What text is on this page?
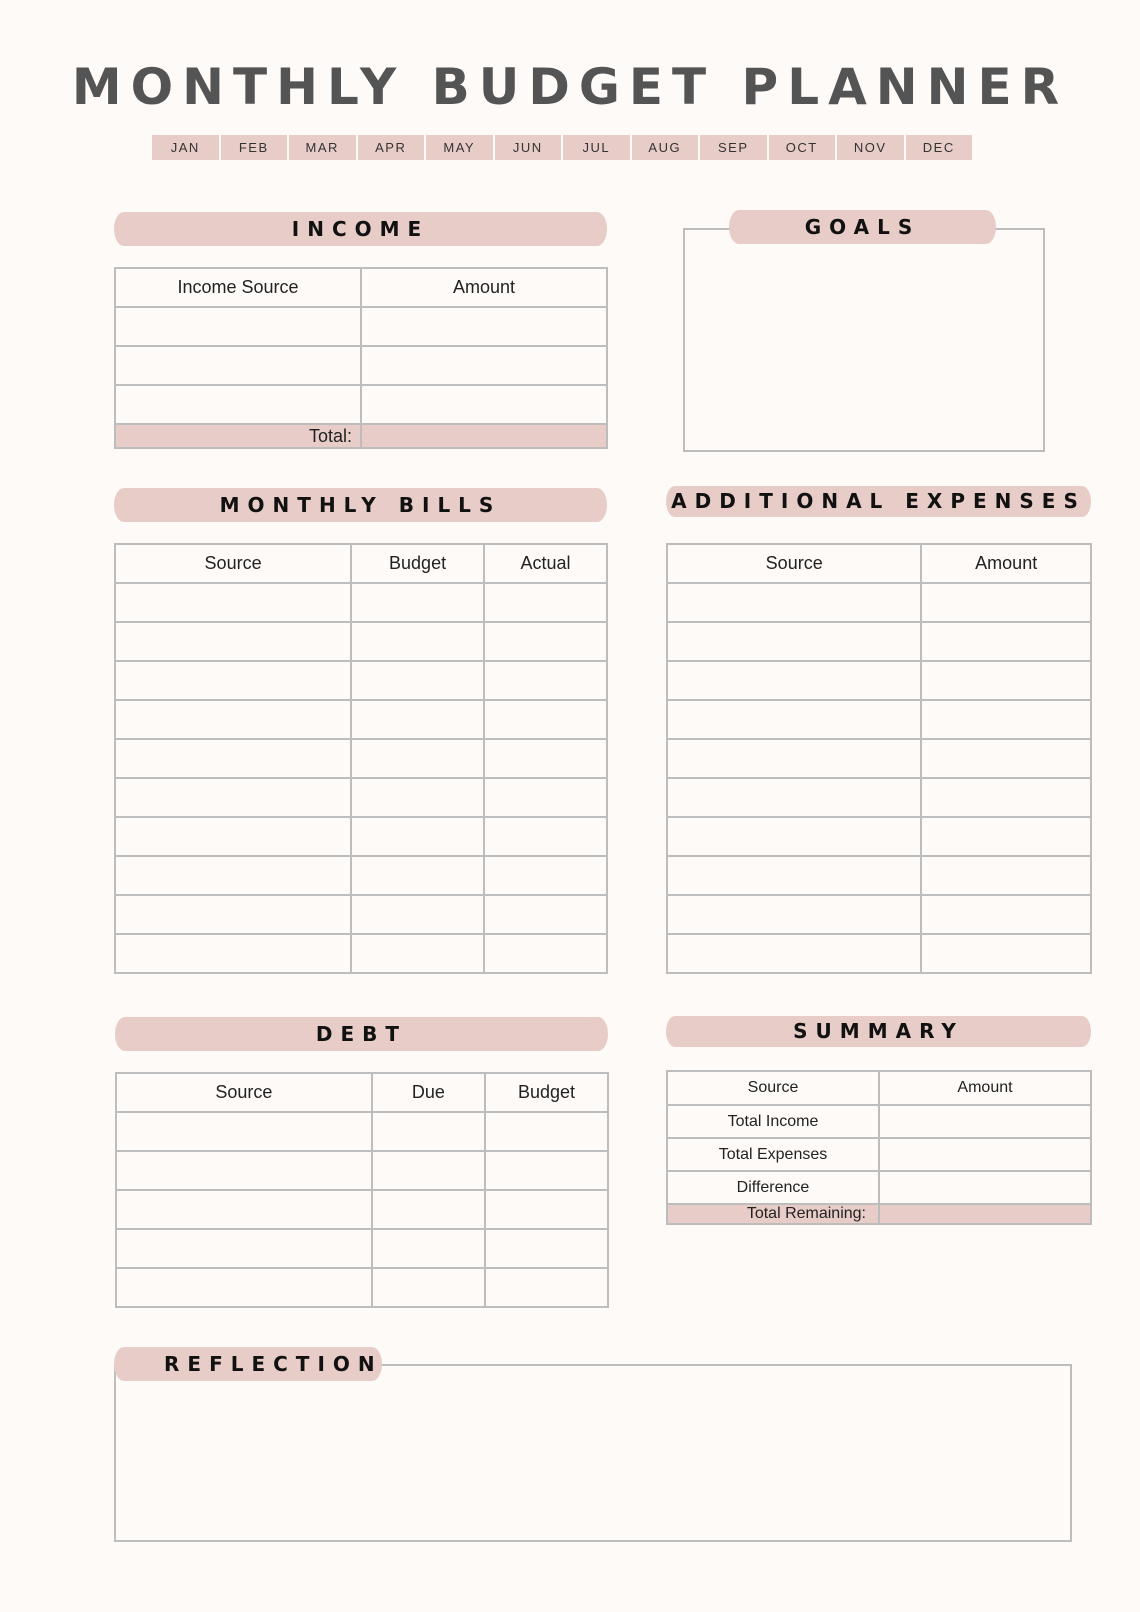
MONTHLY BUDGET PLANNER
JAN	FEB	MAR	APR	MAY	JUN	JUL	AUG	SEP	OCT	NOV	DEC
INCOME
Income Source	Amount

Total:	
GOALS
MONTHLY BILLS
Source	Budget	Actual

ADDITIONAL EXPENSES
Source	Amount

DEBT
Source	Due	Budget

SUMMARY
Source	Amount
Total Income	
Total Expenses	
Difference	
Total Remaining:	
REFLECTION
